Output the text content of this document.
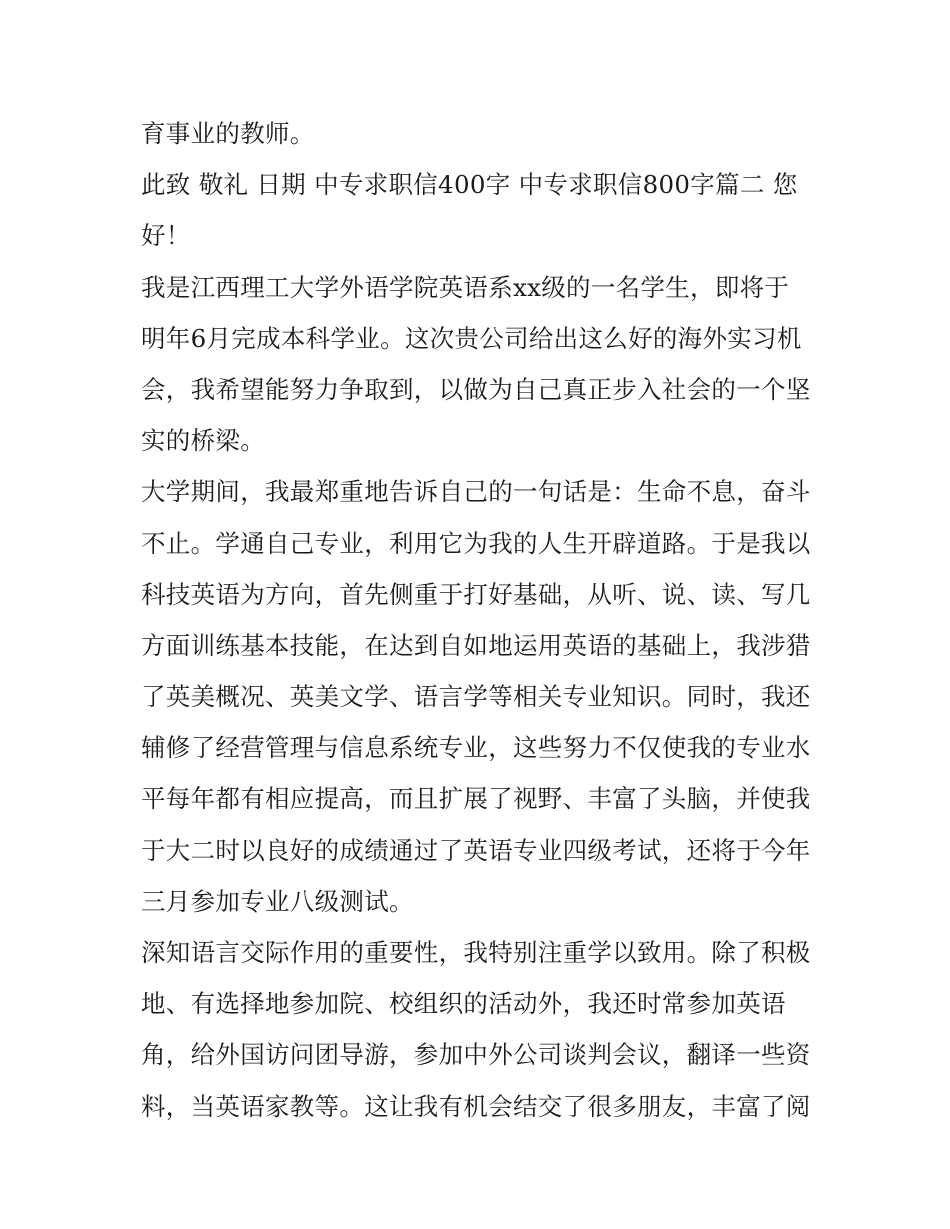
育事业的教师。
此致 敬礼 日期 中专求职信400字 中专求职信800字篇二 您
好！
我是江西理工大学外语学院英语系xx级的一名学生，即将于
明年6月完成本科学业。这次贵公司给出这么好的海外实习机
会，我希望能努力争取到，以做为自己真正步入社会的一个坚
实的桥梁。
大学期间，我最郑重地告诉自己的一句话是：生命不息，奋斗
不止。学通自己专业，利用它为我的人生开辟道路。于是我以
科技英语为方向，首先侧重于打好基础，从听、说、读、写几
方面训练基本技能，在达到自如地运用英语的基础上，我涉猎
了英美概况、英美文学、语言学等相关专业知识。同时，我还
辅修了经营管理与信息系统专业，这些努力不仅使我的专业水
平每年都有相应提高，而且扩展了视野、丰富了头脑，并使我
于大二时以良好的成绩通过了英语专业四级考试，还将于今年
三月参加专业八级测试。
深知语言交际作用的重要性，我特别注重学以致用。除了积极
地、有选择地参加院、校组织的活动外，我还时常参加英语
角，给外国访问团导游，参加中外公司谈判会议，翻译一些资
料，当英语家教等。这让我有机会结交了很多朋友，丰富了阅
